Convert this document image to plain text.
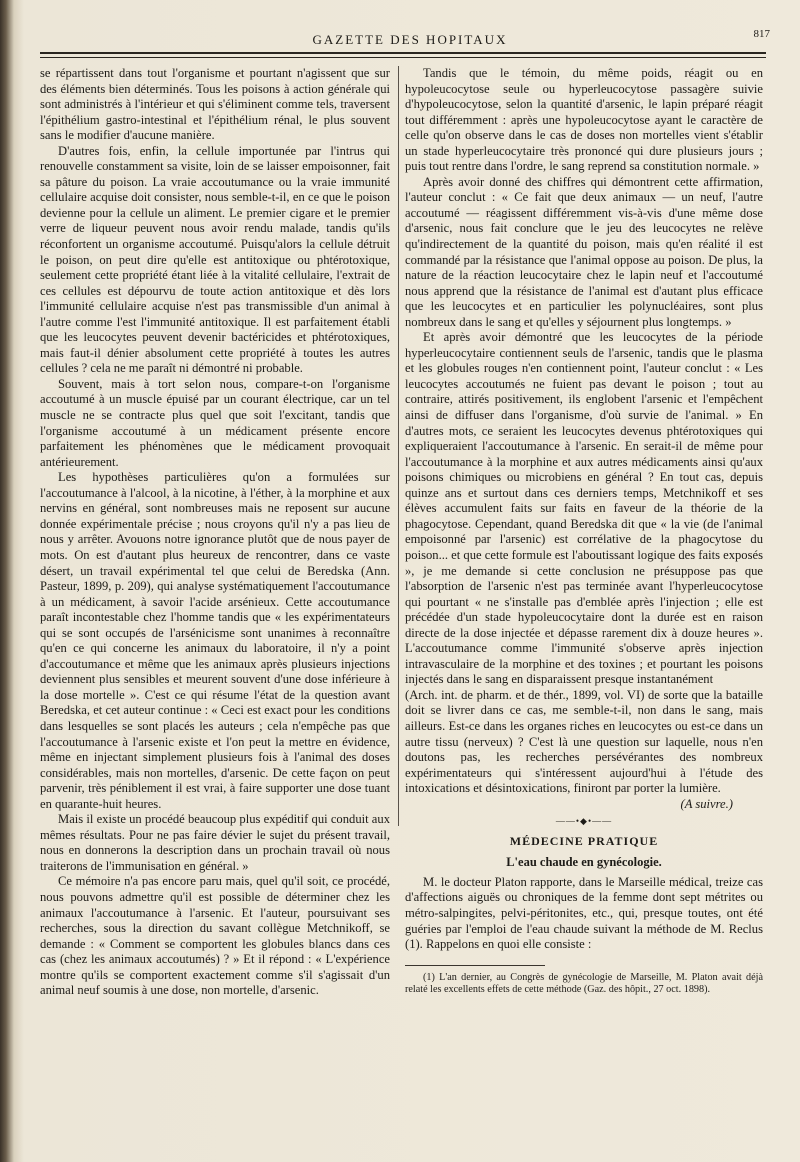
GAZETTE DES HOPITAUX	817

se répartissent dans tout l'organisme et pourtant n'agissent que sur des éléments bien déterminés. Tous les poisons à action générale qui sont administrés à l'intérieur et qui s'éliminent comme tels, traversent l'épithélium gastro-intestinal et l'épithélium rénal, le plus souvent sans le modifier d'aucune manière.

D'autres fois, enfin, la cellule importunée par l'intrus qui renouvelle constamment sa visite, loin de se laisser empoisonner, fait sa pâture du poison. La vraie accoutumance ou la vraie immunité cellulaire acquise doit consister, nous semble-t-il, en ce que le poison devienne pour la cellule un aliment. Le premier cigare et le premier verre de liqueur peuvent nous avoir rendu malade, tandis qu'ils réconfortent un organisme accoutumé. Puisqu'alors la cellule détruit le poison, on peut dire qu'elle est antitoxique ou phtérotoxique, seulement cette propriété étant liée à la vitalité cellulaire, l'extrait de ces cellules est dépourvu de toute action antitoxique et dès lors l'immunité cellulaire acquise n'est pas transmissible d'un animal à l'autre comme l'est l'immunité antitoxique. Il est parfaitement établi que les leucocytes peuvent devenir bactéricides et phtérotoxiques, mais faut-il dénier absolument cette propriété à toutes les autres cellules ? cela ne me paraît ni démontré ni probable.

Souvent, mais à tort selon nous, compare-t-on l'organisme accoutumé à un muscle épuisé par un courant électrique, car un tel muscle ne se contracte plus quel que soit l'excitant, tandis que l'organisme accoutumé à un médicament présente encore parfaitement les phénomènes que le médicament provoquait antérieurement.

Les hypothèses particulières qu'on a formulées sur l'accoutumance à l'alcool, à la nicotine, à l'éther, à la morphine et aux nervins en général, sont nombreuses mais ne reposent sur aucune donnée expérimentale précise ; nous croyons qu'il n'y a pas lieu de nous y arrêter. Avouons notre ignorance plutôt que de nous payer de mots. On est d'autant plus heureux de rencontrer, dans ce vaste désert, un travail expérimental tel que celui de Beredska (Ann. Pasteur, 1899, p. 209), qui analyse systématiquement l'accoutumance à un médicament, à savoir l'acide arsénieux. Cette accoutumance paraît incontestable chez l'homme tandis que « les expérimentateurs qui se sont occupés de l'arsénicisme sont unanimes à reconnaître qu'en ce qui concerne les animaux du laboratoire, il n'y a point d'accoutumance et même que les animaux après plusieurs injections deviennent plus sensibles et meurent souvent d'une dose inférieure à la dose mortelle ». C'est ce qui résume l'état de la question avant Beredska, et cet auteur continue : « Ceci est exact pour les conditions dans lesquelles se sont placés les auteurs ; cela n'empêche pas que l'accoutumance à l'arsenic existe et l'on peut la mettre en évidence, même en injectant simplement plusieurs fois à l'animal des doses considérables, mais non mortelles, d'arsenic. De cette façon on peut parvenir, très péniblement il est vrai, à faire supporter une dose tuant en quarante-huit heures.

Mais il existe un procédé beaucoup plus expéditif qui conduit aux mêmes résultats. Pour ne pas faire dévier le sujet du présent travail, nous en donnerons la description dans un prochain travail où nous traiterons de l'immunisation en général. »

Ce mémoire n'a pas encore paru mais, quel qu'il soit, ce procédé, nous pouvons admettre qu'il est possible de déterminer chez les animaux l'accoutumance à l'arsenic. Et l'auteur, poursuivant ses recherches, sous la direction du savant collègue Metchnikoff, se demande : « Comment se comportent les globules blancs dans ces cas (chez les animaux accoutumés) ? » Et il répond : « L'expérience montre qu'ils se comportent exactement comme s'il s'agissait d'un animal neuf soumis à une dose, non mortelle, d'arsenic.

Tandis que le témoin, du même poids, réagit ou en hypoleucocytose seule ou hyperleucocytose passagère suivie d'hypoleucocytose, selon la quantité d'arsenic, le lapin préparé réagit tout différemment : après une hypoleucocytose ayant le caractère de celle qu'on observe dans le cas de doses non mortelles vient s'établir un stade hyperleucocytaire très prononcé qui dure plusieurs jours ; puis tout rentre dans l'ordre, le sang reprend sa constitution normale. »

Après avoir donné des chiffres qui démontrent cette affirmation, l'auteur conclut : « Ce fait que deux animaux — un neuf, l'autre accoutumé — réagissent différemment vis-à-vis d'une même dose d'arsenic, nous fait conclure que le jeu des leucocytes ne relève qu'indirectement de la quantité du poison, mais qu'en réalité il est commandé par la résistance que l'animal oppose au poison. De plus, la nature de la réaction leucocytaire chez le lapin neuf et l'accoutumé nous apprend que la résistance de l'animal est d'autant plus efficace que les leucocytes et en particulier les polynucléaires, sont plus nombreux dans le sang et qu'elles y séjournent plus longtemps. »

Et après avoir démontré que les leucocytes de la période hyperleucocytaire contiennent seuls de l'arsenic, tandis que le plasma et les globules rouges n'en contiennent point, l'auteur conclut : « Les leucocytes accoutumés ne fuient pas devant le poison ; tout au contraire, attirés positivement, ils englobent l'arsenic et l'empêchent ainsi de diffuser dans l'organisme, d'où survie de l'animal. » En d'autres mots, ce seraient les leucocytes devenus phtérotoxiques qui expliqueraient l'accoutumance à l'arsenic. En serait-il de même pour l'accoutumance à la morphine et aux autres médicaments ainsi qu'aux poisons chimiques ou microbiens en général ? En tout cas, depuis quinze ans et surtout dans ces derniers temps, Metchnikoff et ses élèves accumulent faits sur faits en faveur de la théorie de la phagocytose. Cependant, quand Beredska dit que « la vie (de l'animal empoisonné par l'arsenic) est corrélative de la phagocytose du poison... et que cette formule est l'aboutissant logique des faits exposés », je me demande si cette conclusion ne présuppose pas que l'absorption de l'arsenic n'est pas terminée avant l'hyperleucocytose qui pourtant « ne s'installe pas d'emblée après l'injection ; elle est précédée d'un stade hypoleucocytaire dont la durée est en raison directe de la dose injectée et dépasse rarement dix à douze heures ». L'accoutumance comme l'immunité s'observe après injection intravasculaire de la morphine et des toxines ; et pourtant les poisons injectés dans le sang en disparaissent presque instantanément

(Arch. int. de pharm. et de thér., 1899, vol. VI) de sorte que la bataille doit se livrer dans ce cas, me semble-t-il, non dans le sang, mais ailleurs. Est-ce dans les organes riches en leucocytes ou est-ce dans un autre tissu (nerveux) ? C'est là une question sur laquelle, nous n'en doutons pas, les recherches persévérantes des nombreux expérimentateurs qui s'intéressent aujourd'hui à l'étude des intoxications et désintoxications, finiront par porter la lumière.

(A suivre.)

——•◆•——
MÉDECINE PRATIQUE
L'eau chaude en gynécologie.

M. le docteur Platon rapporte, dans le Marseille médical, treize cas d'affections aiguës ou chroniques de la femme dont sept métrites ou métro-salpingites, pelvi-péritonites, etc., qui, presque toutes, ont été guéries par l'emploi de l'eau chaude suivant la méthode de M. Reclus (1). Rappelons en quoi elle consiste :

(1) L'an dernier, au Congrès de gynécologie de Marseille, M. Platon avait déjà relaté les excellents effets de cette méthode (Gaz. des hôpit., 27 oct. 1898).
